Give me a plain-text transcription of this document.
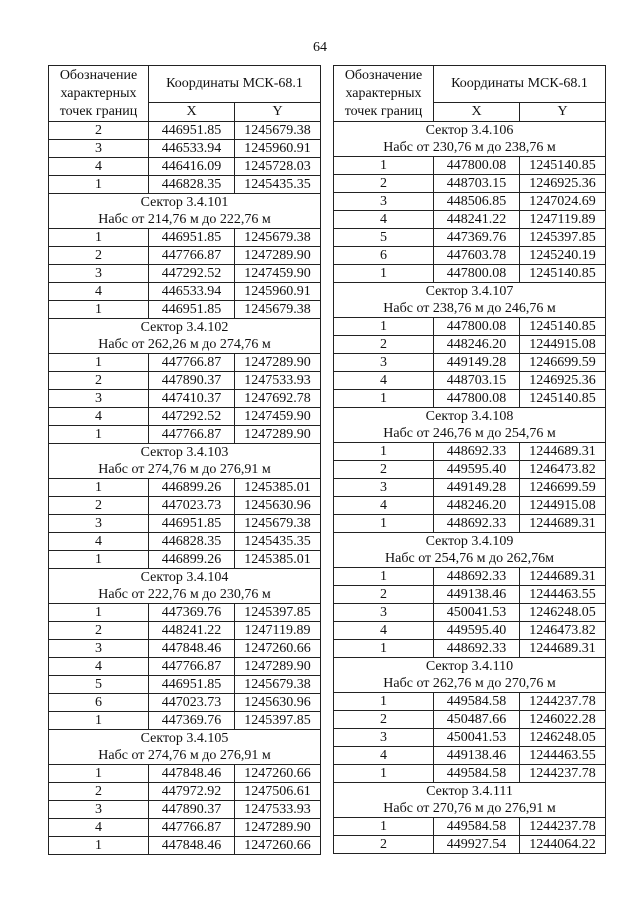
64
Обозначение характерных точек границ	Координаты МСК-68.1	
	X	Y
2	446951.85	1245679.38
3	446533.94	1245960.91
4	446416.09	1245728.03
1	446828.35	1245435.35
Сектор 3.4.101		
Набс от 214,76 м до 222,76 м		
1	446951.85	1245679.38
2	447766.87	1247289.90
3	447292.52	1247459.90
4	446533.94	1245960.91
1	446951.85	1245679.38
Сектор 3.4.102		
Набс от 262,26 м до 274,76 м		
1	447766.87	1247289.90
2	447890.37	1247533.93
3	447410.37	1247692.78
4	447292.52	1247459.90
1	447766.87	1247289.90
Сектор 3.4.103		
Набс от 274,76 м до 276,91 м		
1	446899.26	1245385.01
2	447023.73	1245630.96
3	446951.85	1245679.38
4	446828.35	1245435.35
1	446899.26	1245385.01
Сектор 3.4.104		
Набс от 222,76 м до 230,76 м		
1	447369.76	1245397.85
2	448241.22	1247119.89
3	447848.46	1247260.66
4	447766.87	1247289.90
5	446951.85	1245679.38
6	447023.73	1245630.96
1	447369.76	1245397.85
Сектор 3.4.105		
Набс от 274,76 м до 276,91 м		
1	447848.46	1247260.66
2	447972.92	1247506.61
3	447890.37	1247533.93
4	447766.87	1247289.90
1	447848.46	1247260.66
Обозначение характерных точек границ	Координаты МСК-68.1	
	X	Y
Сектор 3.4.106		
Набс от 230,76 м до 238,76 м		
1	447800.08	1245140.85
2	448703.15	1246925.36
3	448506.85	1247024.69
4	448241.22	1247119.89
5	447369.76	1245397.85
6	447603.78	1245240.19
1	447800.08	1245140.85
Сектор 3.4.107		
Набс от 238,76 м до 246,76 м		
1	447800.08	1245140.85
2	448246.20	1244915.08
3	449149.28	1246699.59
4	448703.15	1246925.36
1	447800.08	1245140.85
Сектор 3.4.108		
Набс от 246,76 м до 254,76 м		
1	448692.33	1244689.31
2	449595.40	1246473.82
3	449149.28	1246699.59
4	448246.20	1244915.08
1	448692.33	1244689.31
Сектор 3.4.109		
Набс от 254,76 м до 262,76м		
1	448692.33	1244689.31
2	449138.46	1244463.55
3	450041.53	1246248.05
4	449595.40	1246473.82
1	448692.33	1244689.31
Сектор 3.4.110		
Набс от 262,76 м до 270,76 м		
1	449584.58	1244237.78
2	450487.66	1246022.28
3	450041.53	1246248.05
4	449138.46	1244463.55
1	449584.58	1244237.78
Сектор 3.4.111		
Набс от 270,76 м до 276,91 м		
1	449584.58	1244237.78
2	449927.54	1244064.22
